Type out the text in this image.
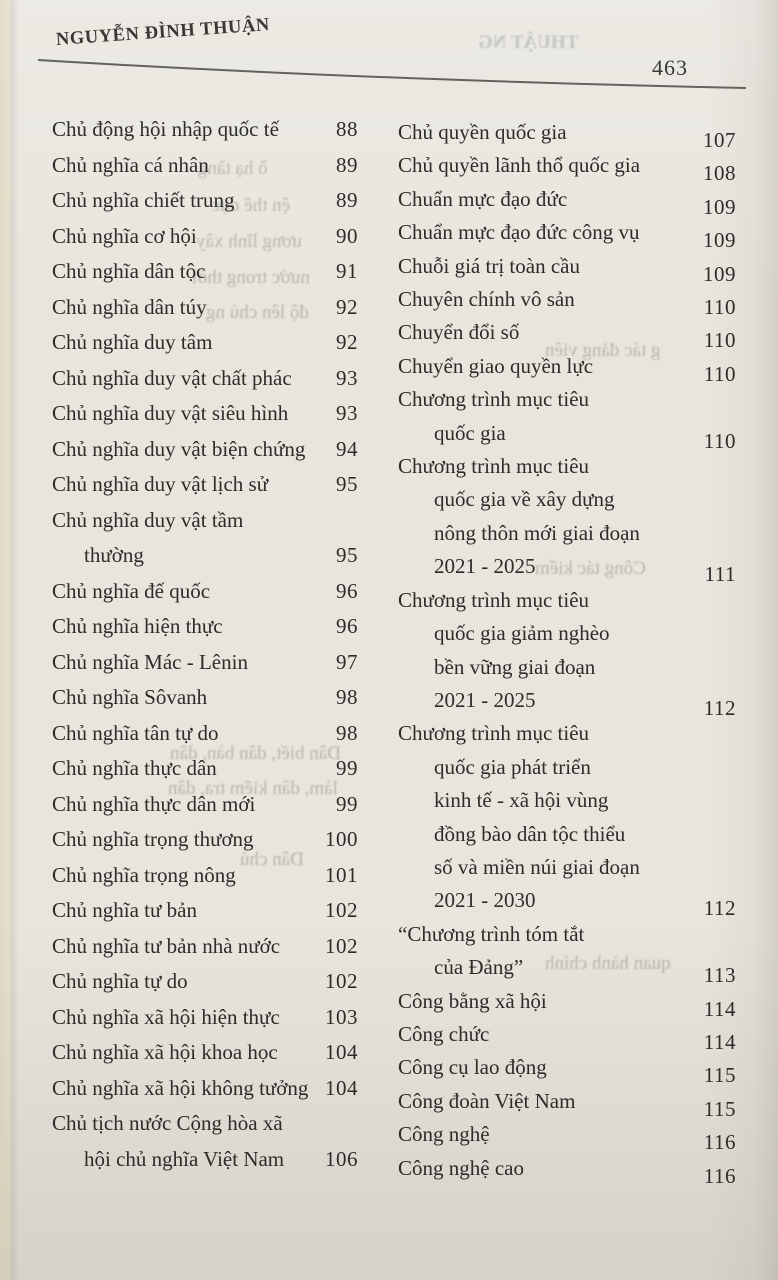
THUẬT NG
ồ hạ tầng
ện thể dục
ương lĩnh xây
nước trong thời
độ lên chủ ng
g tác đảng viên
Công tác kiểm
Dân biết, dân bàn, dân
làm, dân kiểm tra, dân
Dân chủ
quan hành chính
NGUYỄN ĐÌNH THUẬN
463
Chủ động hội nhập quốc tế	88
Chủ nghĩa cá nhân	89
Chủ nghĩa chiết trung	89
Chủ nghĩa cơ hội	90
Chủ nghĩa dân tộc	91
Chủ nghĩa dân túy	92
Chủ nghĩa duy tâm	92
Chủ nghĩa duy vật chất phác	93
Chủ nghĩa duy vật siêu hình	93
Chủ nghĩa duy vật biện chứng	94
Chủ nghĩa duy vật lịch sử	95
Chủ nghĩa duy vật tầm
thường	95
Chủ nghĩa đế quốc	96
Chủ nghĩa hiện thực	96
Chủ nghĩa Mác - Lênin	97
Chủ nghĩa Sôvanh	98
Chủ nghĩa tân tự do	98
Chủ nghĩa thực dân	99
Chủ nghĩa thực dân mới	99
Chủ nghĩa trọng thương	100
Chủ nghĩa trọng nông	101
Chủ nghĩa tư bản	102
Chủ nghĩa tư bản nhà nước	102
Chủ nghĩa tự do	102
Chủ nghĩa xã hội hiện thực	103
Chủ nghĩa xã hội khoa học	104
Chủ nghĩa xã hội không tưởng 104
Chủ tịch nước Cộng hòa xã
hội chủ nghĩa Việt Nam	106
Chủ quyền quốc gia	107
Chủ quyền lãnh thổ quốc gia	108
Chuẩn mực đạo đức	109
Chuẩn mực đạo đức công vụ	109
Chuỗi giá trị toàn cầu	109
Chuyên chính vô sản	110
Chuyển đổi số	110
Chuyển giao quyền lực	110
Chương trình mục tiêu
quốc gia	110
Chương trình mục tiêu
quốc gia về xây dựng
nông thôn mới giai đoạn
2021 - 2025	111
Chương trình mục tiêu
quốc gia giảm nghèo
bền vững giai đoạn
2021 - 2025	112
Chương trình mục tiêu
quốc gia phát triển
kinh tế - xã hội vùng
đồng bào dân tộc thiểu
số và miền núi giai đoạn
2021 - 2030	112
“Chương trình tóm tắt
của Đảng”	113
Công bằng xã hội	114
Công chức	114
Công cụ lao động	115
Công đoàn Việt Nam	115
Công nghệ	116
Công nghệ cao	116
